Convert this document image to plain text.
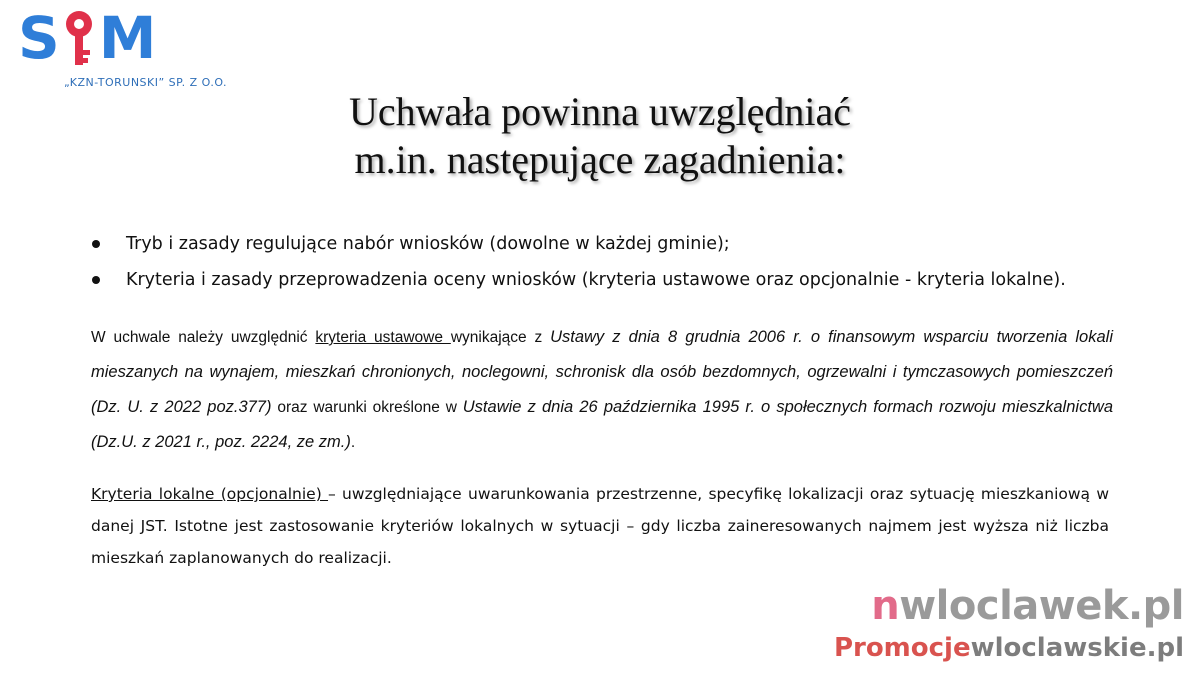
S M
„KZN-TORUNSKI” SP. Z O.O.
Uchwała powinna uwzględniać
m.in. następujące zagadnienia:
Tryb i zasady regulujące nabór wniosków (dowolne w każdej gminie);
Kryteria i zasady przeprowadzenia oceny wniosków (kryteria ustawowe oraz opcjonalnie - kryteria lokalne).

W uchwale należy uwzględnić kryteria ustawowe wynikające z Ustawy z dnia 8 grudnia 2006 r. o finansowym wsparciu tworzenia lokali mieszanych na wynajem, mieszkań chronionych, noclegowni, schronisk dla osób bezdomnych, ogrzewalni i tymczasowych pomieszczeń (Dz. U. z 2022 poz.377) oraz warunki określone w Ustawie z dnia 26 października 1995 r. o społecznych formach rozwoju mieszkalnictwa (Dz.U. z 2021 r., poz. 2224, ze zm.).

Kryteria lokalne (opcjonalnie) – uwzględniające uwarunkowania przestrzenne, specyfikę lokalizacji oraz sytuację mieszkaniową w danej JST. Istotne jest zastosowanie kryteriów lokalnych w sytuacji – gdy liczba zaineresowanych najmem jest wyższa niż liczba mieszkań zaplanowanych do realizacji.

nwloclawek.pl
Promocjewloclawskie.pl
